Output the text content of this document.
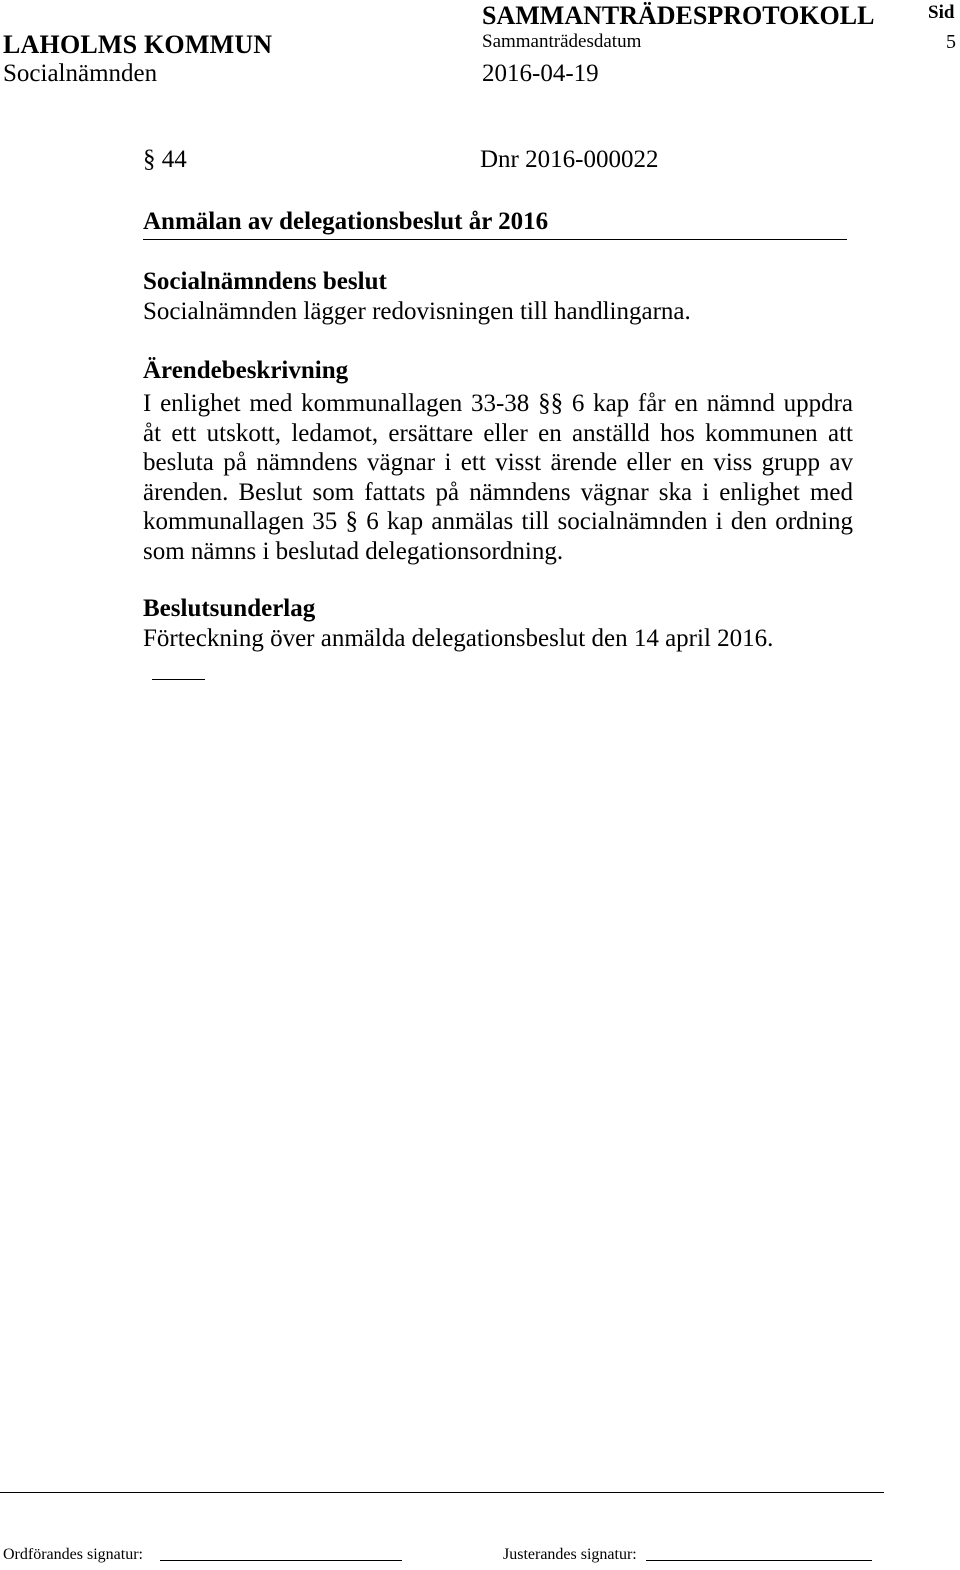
LAHOLMS KOMMUN
Socialnämnden
SAMMANTRÄDESPROTOKOLL
Sammanträdesdatum
2016-04-19
Sid
5
§ 44	Dnr 2016-000022
Anmälan av delegationsbeslut år 2016
Socialnämndens beslut
Socialnämnden lägger redovisningen till handlingarna.
Ärendebeskrivning
I enlighet med kommunallagen 33-38 §§ 6 kap får en nämnd uppdra
åt ett utskott, ledamot, ersättare eller en anställd hos kommunen att
besluta på nämndens vägnar i ett visst ärende eller en viss grupp av
ärenden. Beslut som fattats på nämndens vägnar ska i enlighet med
kommunallagen 35 § 6 kap anmälas till socialnämnden i den ordning
som nämns i beslutad delegationsordning.
Beslutsunderlag
Förteckning över anmälda delegationsbeslut den 14 april 2016.
Ordförandes signatur:	Justerandes signatur:
